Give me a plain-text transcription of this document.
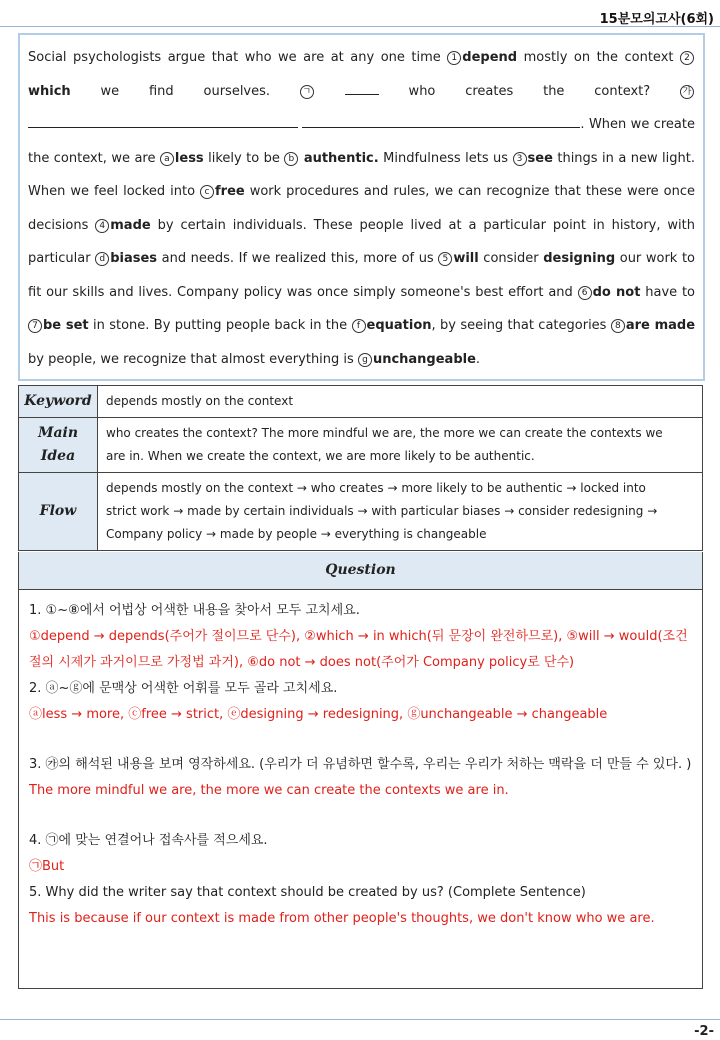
15분모의고사(6회)
Social psychologists argue that who we are at any one time 1 depend mostly on the context 2which we find ourselves. ㄱ	who creates the context? 가  . When we create the context, we are a less likely to be b authentic. Mindfulness lets us 3 see things in a new light. When we feel locked into c free work procedures and rules, we can recognize that these were once decisions 4 made by certain individuals. These people lived at a particular point in history, with particular d biases and needs. If we realized this, more of us 5 will consider designing our work to fit our skills and lives. Company policy was once simply someone's best effort and 6 do not have to 7 be set in stone. By putting people back in the f equation, by seeing that categories 8 are made by people, we recognize that almost everything is g unchangeable.
Keyword	depends mostly on the context
Main Idea	who creates the context? The more mindful we are, the more we can create the contexts we
are in. When we create the context, we are more likely to be authentic.

Flow	depends mostly on the context → who creates → more likely to be authentic → locked into
strict work → made by certain individuals → with particular biases → consider redesigning →
Company policy → made by people → everything is changeable
Question
1. ①~⑧에서 어법상 어색한 내용을 찾아서 모두 고치세요.
①depend → depends(주어가 절이므로 단수), ②which → in which(뒤 문장이 완전하므로), ⑤will → would(조건
절의 시제가 과거이므로 가정법 과거), ⑥do not → does not(주어가 Company policy로 단수)
2. ⓐ~ⓖ에 문맥상 어색한 어휘를 모두 골라 고치세요.
ⓐless → more, ⓒfree → strict, ⓔdesigning → redesigning, ⓖunchangeable → changeable
3. ㉮의 해석된 내용을 보며 영작하세요. (우리가 더 유념하면 할수록, 우리는 우리가 처하는 맥락을 더 만들 수 있다. )
The more mindful we are, the more we can create the contexts we are in.
4. ㉠에 맞는 연결어나 접속사를 적으세요.
㉠But
5. Why did the writer say that context should be created by us? (Complete Sentence)
This is because if our context is made from other people's thoughts, we don't know who we are.
-2-
